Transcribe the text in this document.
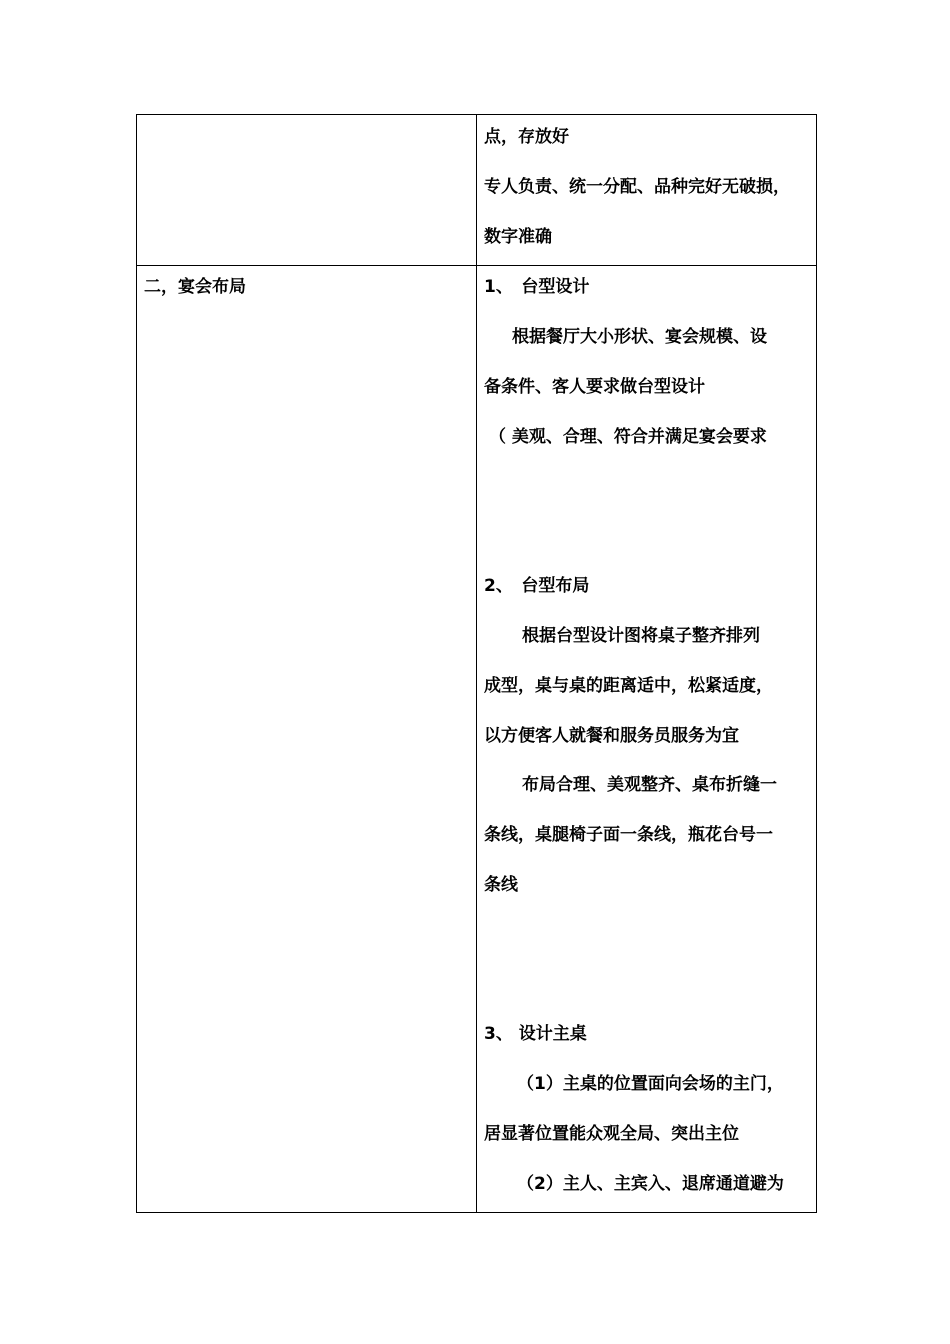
点，存放好
专人负责、统一分配、品种完好无破损，
数字准确
二，宴会布局	1、　台型设计
根据餐厅大小形状、宴会规模、设
备条件、客人要求做台型设计
（ 美观、合理、符合并满足宴会要求
2、　台型布局
根据台型设计图将桌子整齐排列
成型，桌与桌的距离适中，松紧适度，
以方便客人就餐和服务员服务为宜
布局合理、美观整齐、桌布折缝一
条线，桌腿椅子面一条线，瓶花台号一
条线
3、 设计主桌
（1）主桌的位置面向会场的主门，
居显著位置能众观全局、突出主位
（2）主人、主宾入、退席通道避为
